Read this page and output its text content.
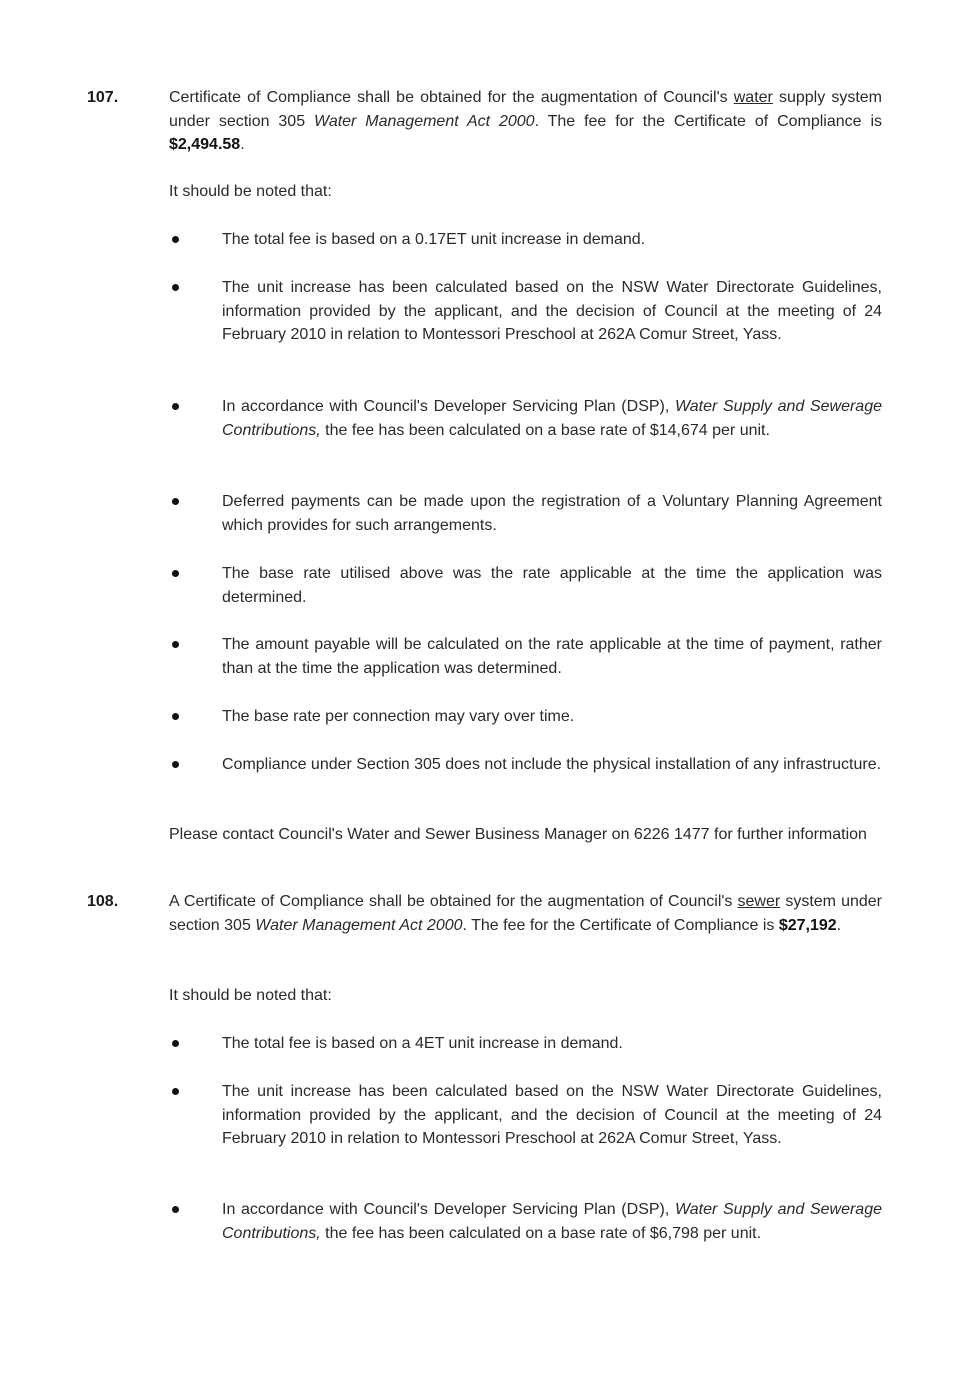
107.	Certificate of Compliance shall be obtained for the augmentation of Council's water supply system under section 305 Water Management Act 2000. The fee for the Certificate of Compliance is $2,494.58.

It should be noted that:

The total fee is based on a 0.17ET unit increase in demand.

The unit increase has been calculated based on the NSW Water Directorate Guidelines, information provided by the applicant, and the decision of Council at the meeting of 24 February 2010 in relation to Montessori Preschool at 262A Comur Street, Yass.

In accordance with Council's Developer Servicing Plan (DSP), Water Supply and Sewerage Contributions, the fee has been calculated on a base rate of $14,674 per unit.

Deferred payments can be made upon the registration of a Voluntary Planning Agreement which provides for such arrangements.

The base rate utilised above was the rate applicable at the time the application was determined.

The amount payable will be calculated on the rate applicable at the time of payment, rather than at the time the application was determined.

The base rate per connection may vary over time.

Compliance under Section 305 does not include the physical installation of any infrastructure.

Please contact Council's Water and Sewer Business Manager on 6226 1477 for further information

108.	A Certificate of Compliance shall be obtained for the augmentation of Council's sewer system under section 305 Water Management Act 2000. The fee for the Certificate of Compliance is $27,192.

It should be noted that:

The total fee is based on a 4ET unit increase in demand.

The unit increase has been calculated based on the NSW Water Directorate Guidelines, information provided by the applicant, and the decision of Council at the meeting of 24 February 2010 in relation to Montessori Preschool at 262A Comur Street, Yass.

In accordance with Council's Developer Servicing Plan (DSP), Water Supply and Sewerage Contributions, the fee has been calculated on a base rate of $6,798 per unit.
